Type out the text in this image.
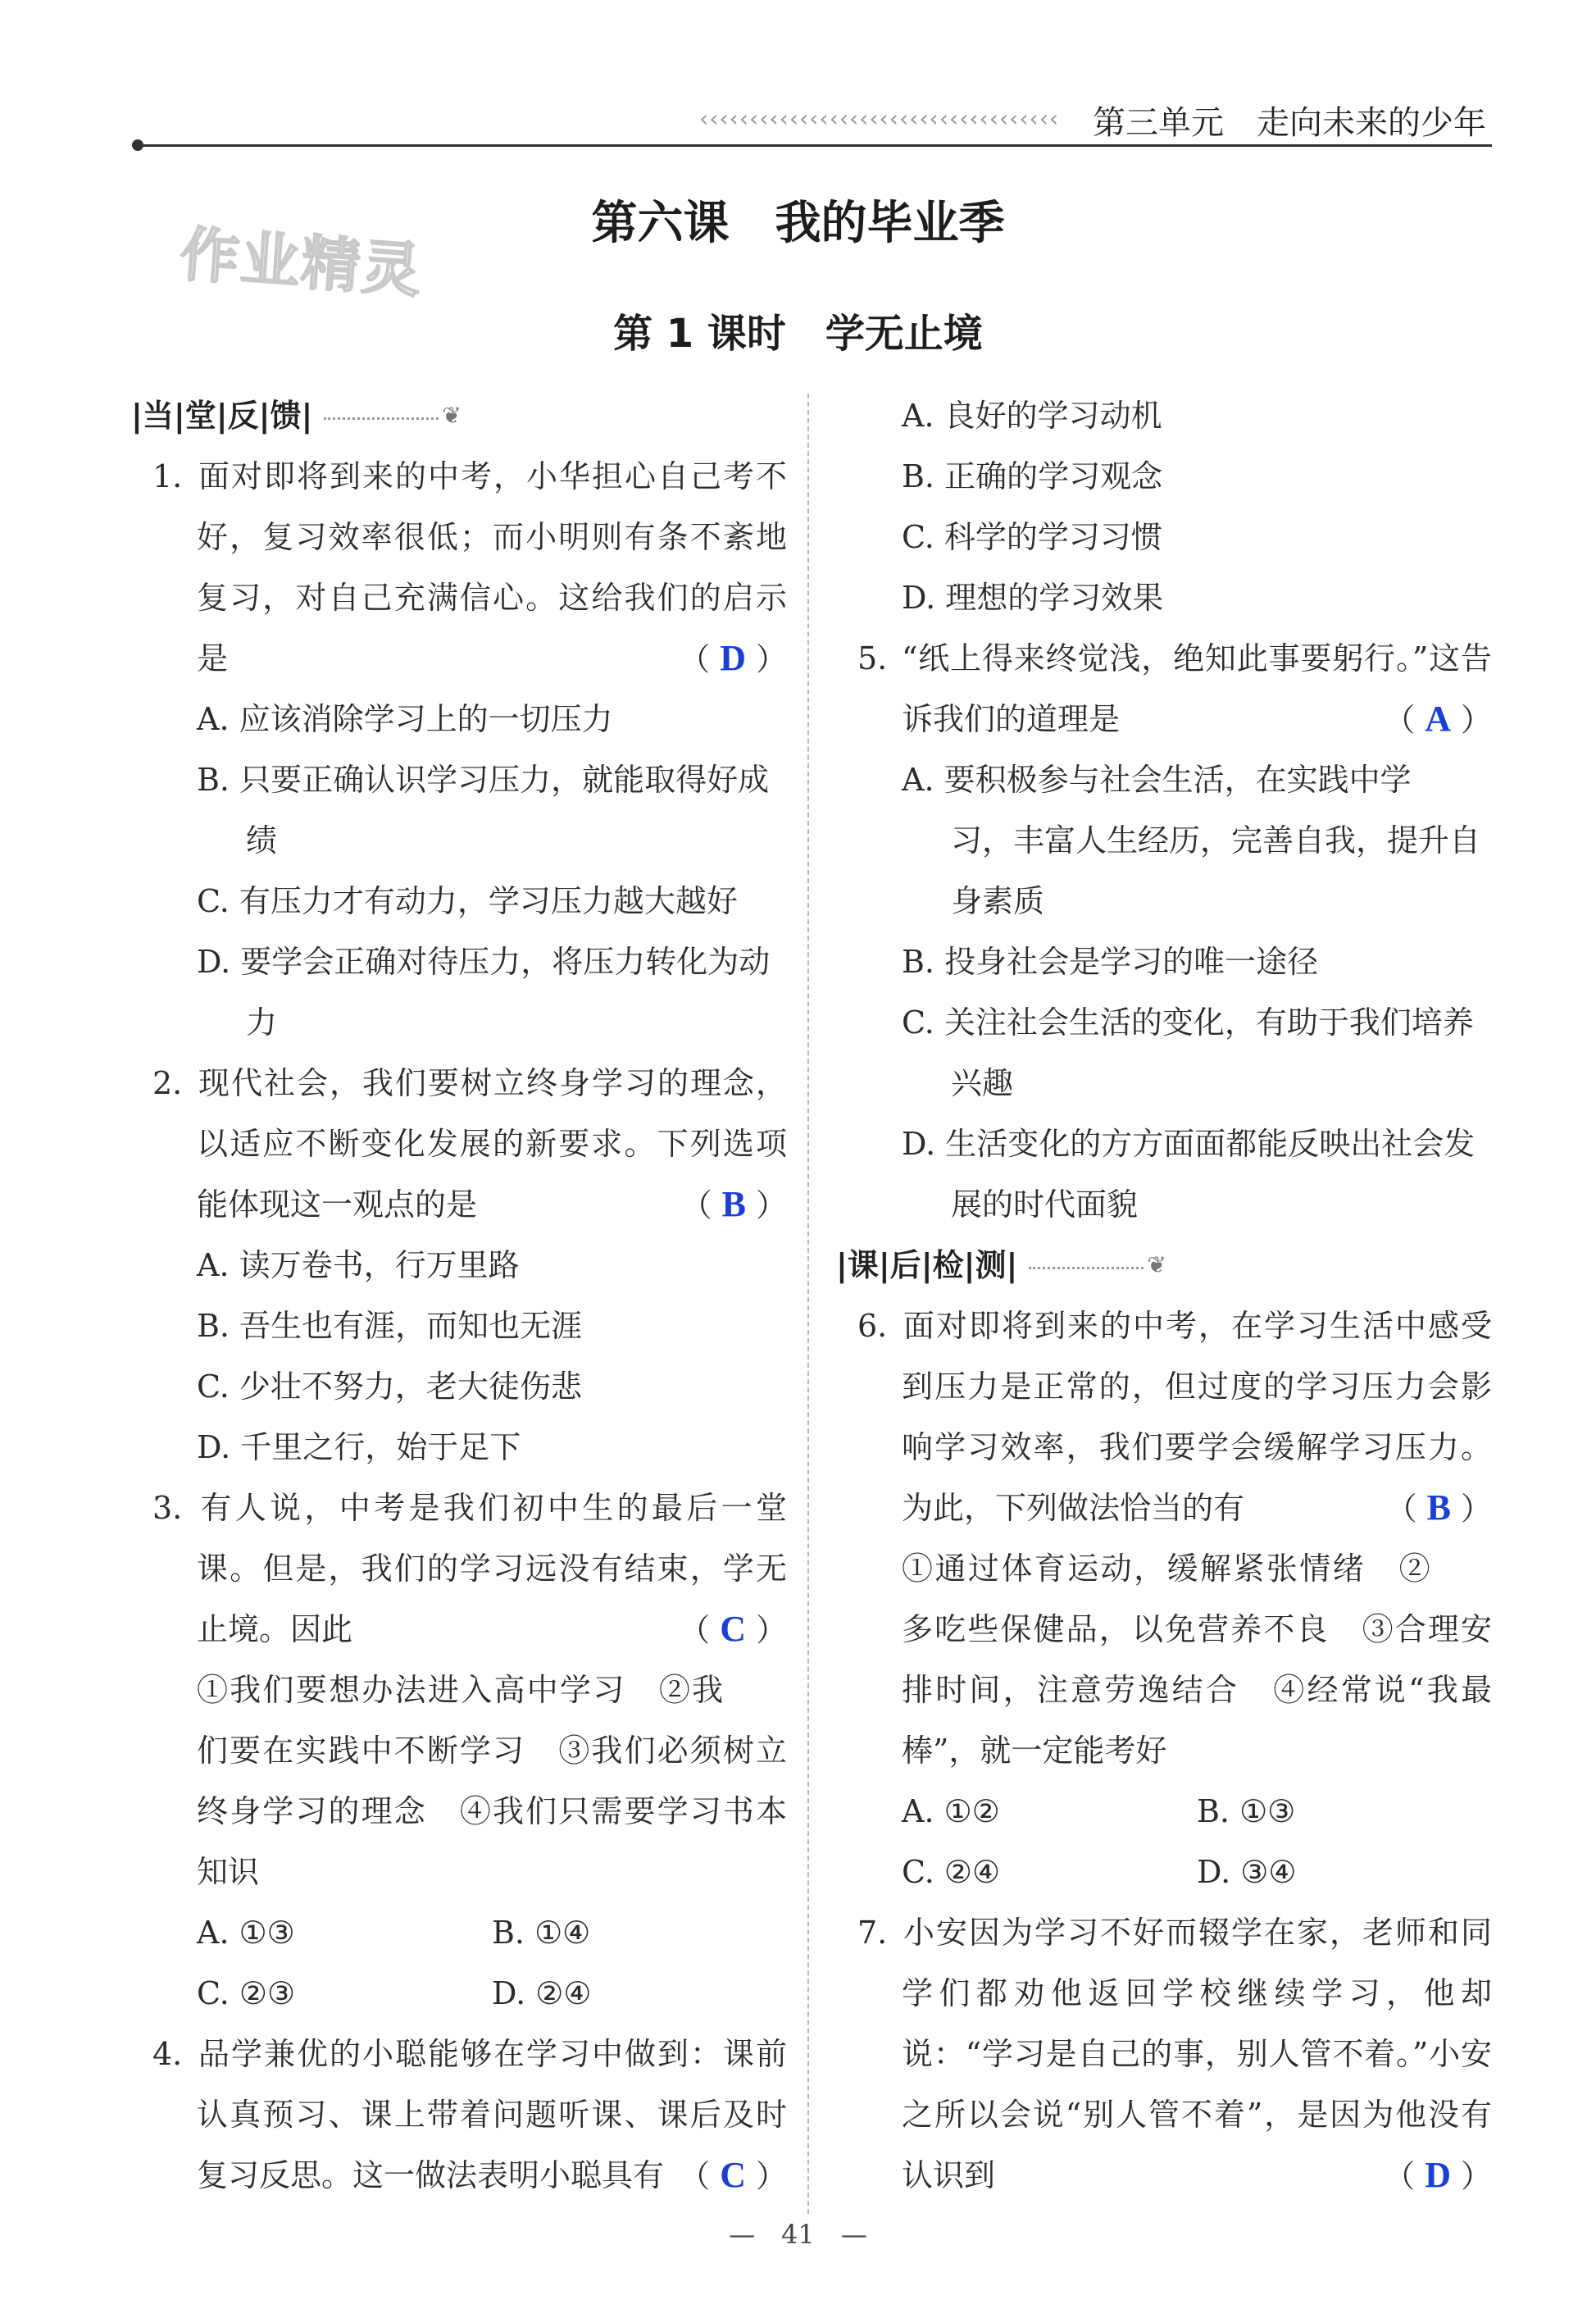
‹‹‹‹‹‹‹‹‹‹‹‹‹‹‹‹‹‹‹‹‹‹‹‹‹‹‹‹‹‹‹‹‹‹‹‹ 第三单元　走向未来的少年
作业精灵	第六课　我的毕业季
第 1 课时　学无止境
|当|堂|反|馈|	❦
1. 面对即将到来的中考，小华担心自己考不好，复习效率很低；而小明则有条不紊地复习，对自己充满信心。这给我们的启示是	（ D ）
A. 应该消除学习上的一切压力
B. 只要正确认识学习压力，就能取得好成绩
C. 有压力才有动力，学习压力越大越好
D. 要学会正确对待压力，将压力转化为动力
2. 现代社会，我们要树立终身学习的理念，以适应不断变化发展的新要求。下列选项能体现这一观点的是	（ B ）
A. 读万卷书，行万里路
B. 吾生也有涯，而知也无涯
C. 少壮不努力，老大徒伤悲
D. 千里之行，始于足下
3. 有人说，中考是我们初中生的最后一堂课。但是，我们的学习远没有结束，学无止境。因此	（ C ）
①我们要想办法进入高中学习　②我们要在实践中不断学习　③我们必须树立终身学习的理念　④我们只需要学习书本知识
A. ①③	B. ①④
C. ②③	D. ②④
4. 品学兼优的小聪能够在学习中做到：课前认真预习、课上带着问题听课、课后及时复习反思。这一做法表明小聪具有 （ C ）
A. 良好的学习动机
B. 正确的学习观念
C. 科学的学习习惯
D. 理想的学习效果
5. “纸上得来终觉浅，绝知此事要躬行。”这告诉我们的道理是	（ A ）
A. 要积极参与社会生活，在实践中学习，丰富人生经历，完善自我，提升自身素质
B. 投身社会是学习的唯一途径
C. 关注社会生活的变化，有助于我们培养兴趣
D. 生活变化的方方面面都能反映出社会发展的时代面貌
|课|后|检|测|	❦
6. 面对即将到来的中考，在学习生活中感受到压力是正常的，但过度的学习压力会影响学习效率，我们要学会缓解学习压力。为此，下列做法恰当的有	（ B ）
①通过体育运动，缓解紧张情绪　②多吃些保健品，以免营养不良　③合理安排时间，注意劳逸结合　④经常说“我最棒”，就一定能考好
A. ①②	B. ①③
C. ②④	D. ③④
7. 小安因为学习不好而辍学在家，老师和同学们都劝他返回学校继续学习，他却说：“学习是自己的事，别人管不着。”小安之所以会说“别人管不着”，是因为他没有认识到	（ D ）
—　41　—
